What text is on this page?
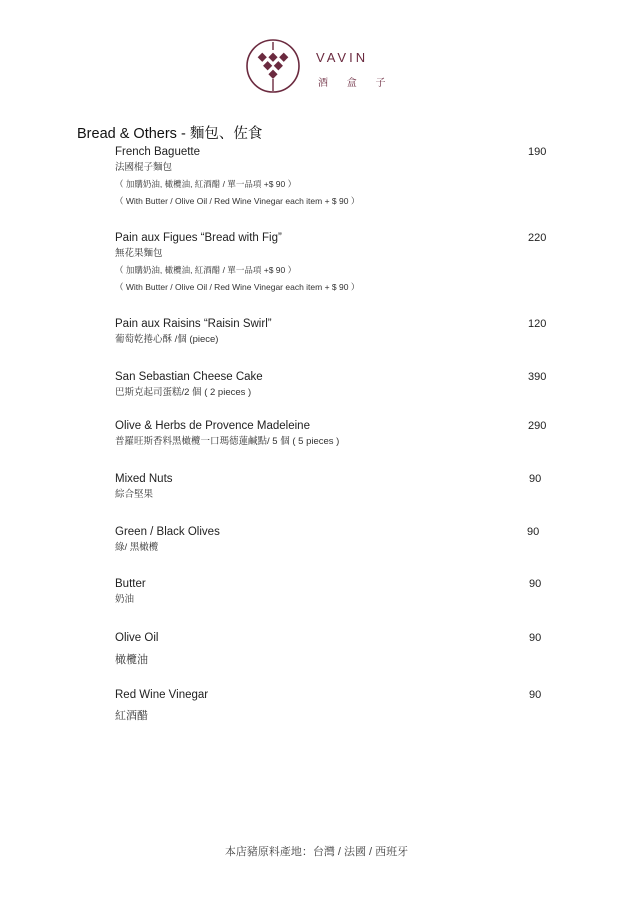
VAVIN
酒 盒 子
Bread & Others - 麵包、佐食
French Baguette	190
法國棍子麵包
（ 加購奶油, 橄欖油, 紅酒醋 / 單一品項 +$ 90 ）
（ With Butter / Olive Oil / Red Wine Vinegar each item + $ 90 ）
Pain aux Figues “Bread with Fig”	220
無花果麵包
（ 加購奶油, 橄欖油, 紅酒醋 / 單一品項 +$ 90 ）
（ With Butter / Olive Oil / Red Wine Vinegar each item + $ 90 ）
Pain aux Raisins “Raisin Swirl”	120
葡萄乾捲心酥 /個 (piece)
San Sebastian Cheese Cake	390
巴斯克起司蛋糕/2 個 ( 2 pieces )
Olive & Herbs de Provence Madeleine	290
普羅旺斯香料黑橄欖一口瑪德蓮鹹點/ 5 個 ( 5 pieces )
Mixed Nuts	90
綜合堅果
Green / Black Olives	90
綠/ 黑橄欖
Butter	90
奶油
Olive Oil	90
橄欖油
Red Wine Vinegar	90
紅酒醋
本店豬原料產地：台灣 / 法國 / 西班牙
